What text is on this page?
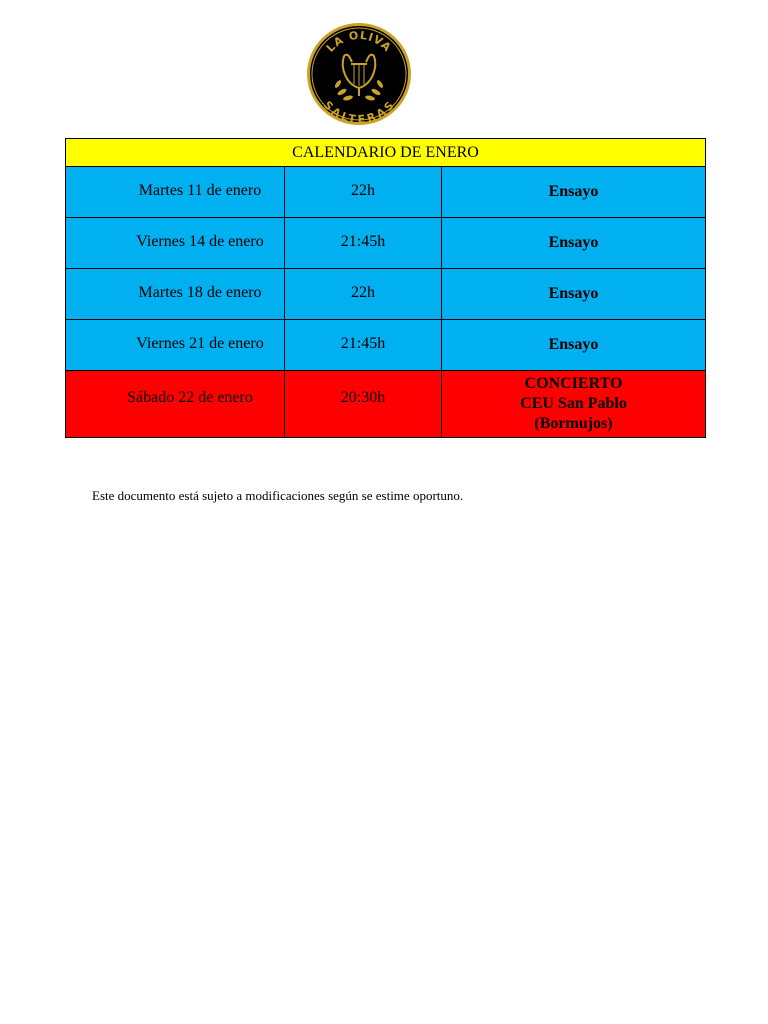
LA OLIVA
SALTERAS
CALENDARIO DE ENERO		

Martes 11 de enero	22h	Ensayo

Viernes 14 de enero	21:45h	Ensayo

Martes 18 de enero	22h	Ensayo

Viernes 21 de enero	21:45h	Ensayo

Sábado 22 de enero	20:30h	CONCIERTO
CEU San Pablo
(Bormujos)
Este documento está sujeto a modificaciones según se estime oportuno.
